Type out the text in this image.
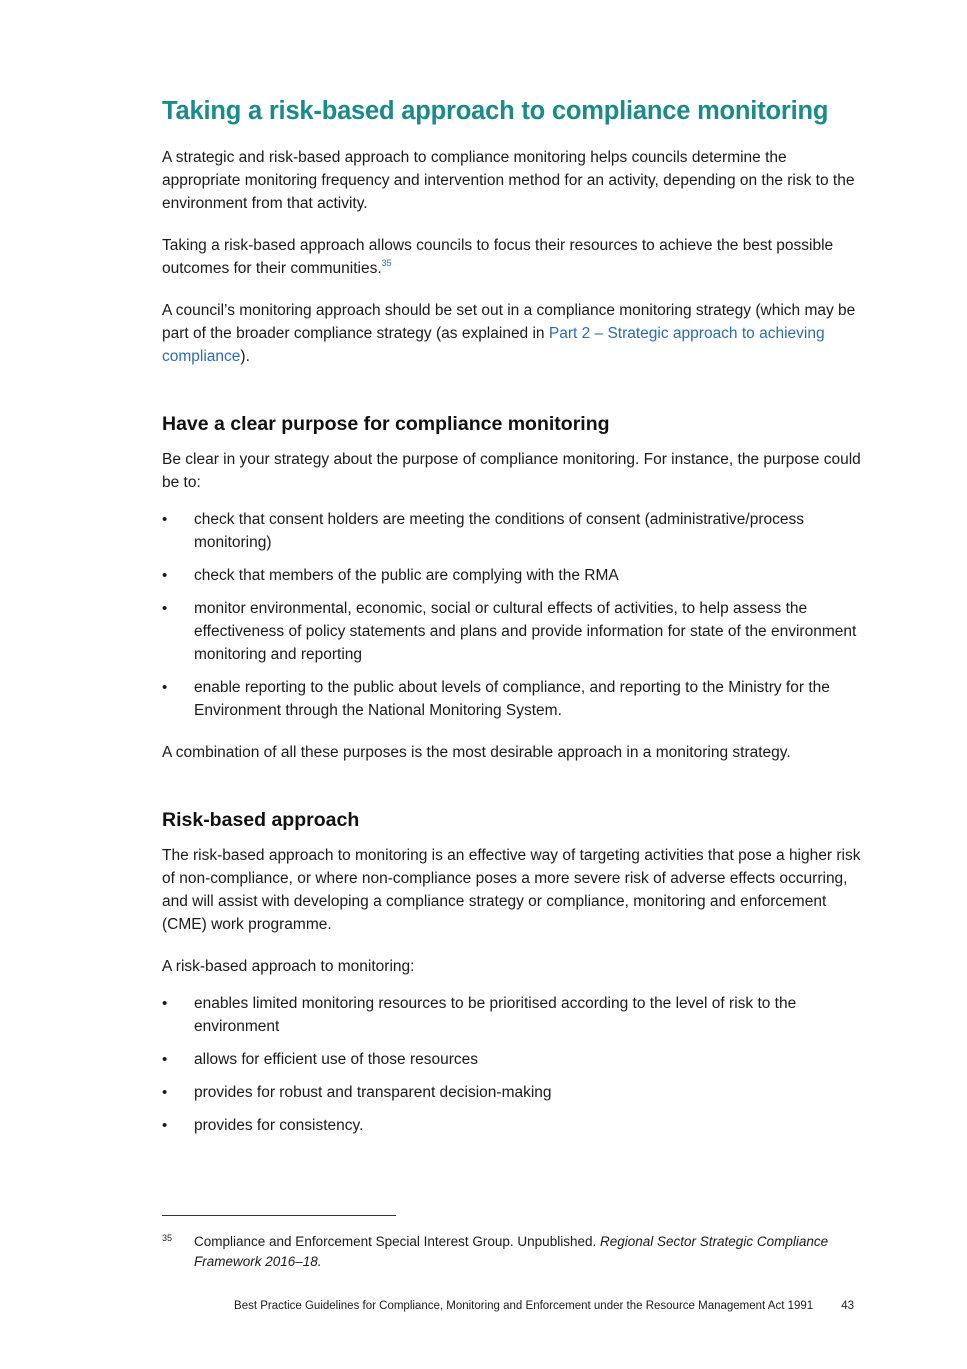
Taking a risk-based approach to compliance monitoring

A strategic and risk-based approach to compliance monitoring helps councils determine the appropriate monitoring frequency and intervention method for an activity, depending on the risk to the environment from that activity.

Taking a risk-based approach allows councils to focus their resources to achieve the best possible outcomes for their communities.$^{35}$

A council’s monitoring approach should be set out in a compliance monitoring strategy (which may be part of the broader compliance strategy (as explained in Part 2 – Strategic approach to achieving compliance).

Have a clear purpose for compliance monitoring

Be clear in your strategy about the purpose of compliance monitoring. For instance, the purpose could be to:

• check that consent holders are meeting the conditions of consent (administrative/process monitoring)
• check that members of the public are complying with the RMA
• monitor environmental, economic, social or cultural effects of activities, to help assess the effectiveness of policy statements and plans and provide information for state of the environment monitoring and reporting
• enable reporting to the public about levels of compliance, and reporting to the Ministry for the Environment through the National Monitoring System.

A combination of all these purposes is the most desirable approach in a monitoring strategy.

Risk-based approach

The risk-based approach to monitoring is an effective way of targeting activities that pose a higher risk of non-compliance, or where non-compliance poses a more severe risk of adverse effects occurring, and will assist with developing a compliance strategy or compliance, monitoring and enforcement (CME) work programme.

A risk-based approach to monitoring:

• enables limited monitoring resources to be prioritised according to the level of risk to the environment
• allows for efficient use of those resources
• provides for robust and transparent decision-making
• provides for consistency.
35 Compliance and Enforcement Special Interest Group. Unpublished. Regional Sector Strategic Compliance Framework 2016–18.
Best Practice Guidelines for Compliance, Monitoring and Enforcement under the Resource Management Act 1991 43
